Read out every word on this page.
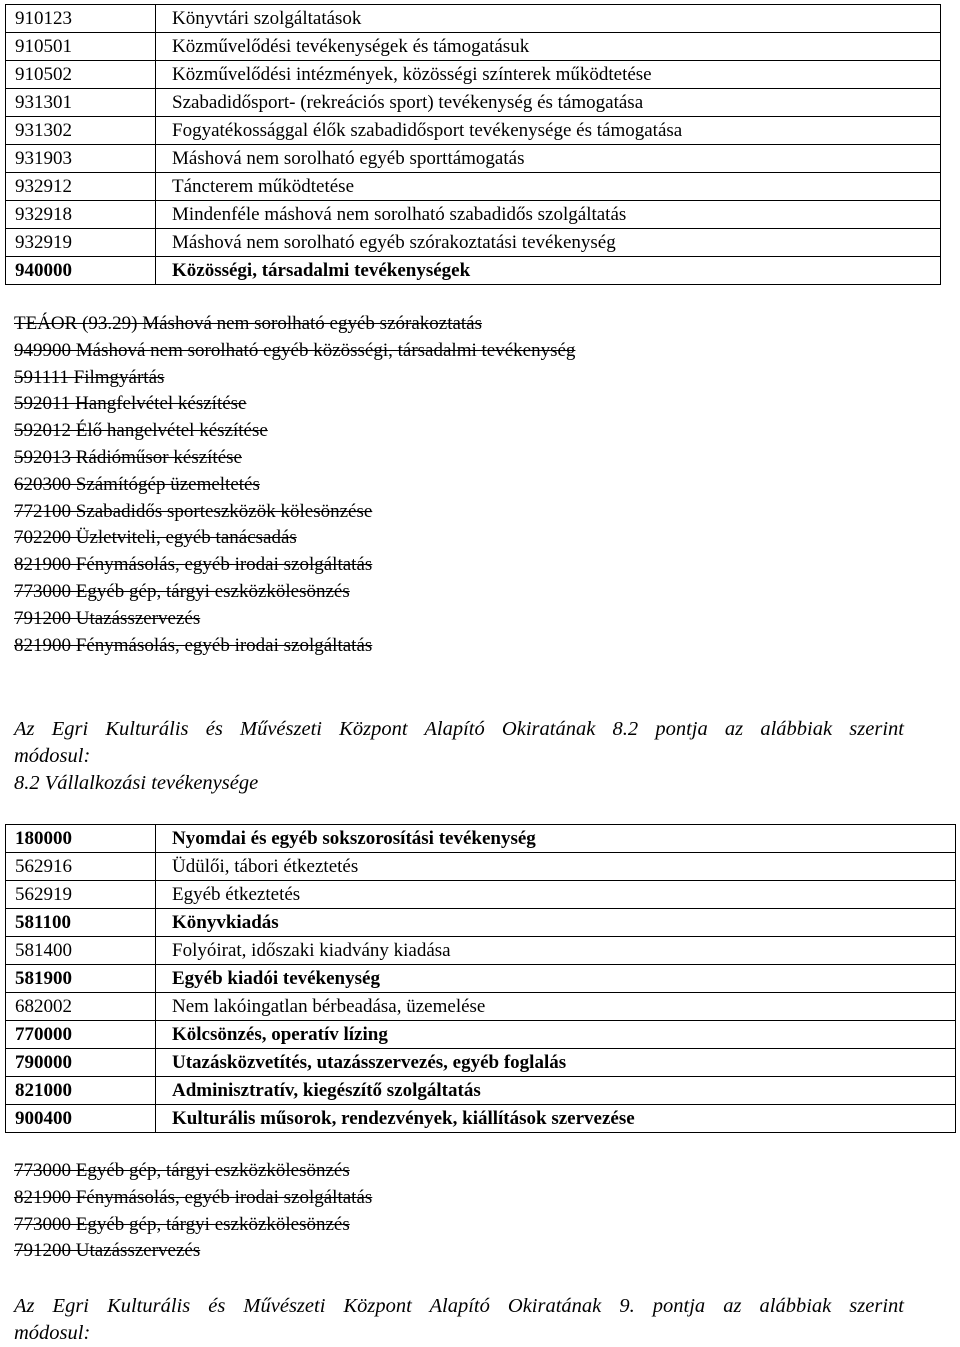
910123	Könyvtári szolgáltatások
910501	Közművelődési tevékenységek és támogatásuk
910502	Közművelődési intézmények, közösségi színterek működtetése
931301	Szabadidősport- (rekreációs sport) tevékenység és támogatása
931302	Fogyatékossággal élők szabadidősport tevékenysége és támogatása
931903	Máshová nem sorolható egyéb sporttámogatás
932912	Táncterem működtetése
932918	Mindenféle máshová nem sorolható szabadidős szolgáltatás
932919	Máshová nem sorolható egyéb szórakoztatási tevékenység
940000	Közösségi, társadalmi tevékenységek
TEÁOR (93.29) Máshová nem sorolható egyéb szórakoztatás
949900 Máshová nem sorolható egyéb közösségi, társadalmi tevékenység
591111 Filmgyártás
592011 Hangfelvétel készítése
592012 Élő hangelvétel készítése
592013 Rádióműsor készítése
620300 Számítógép üzemeltetés
772100 Szabadidős sporteszközök kölesönzése
702200 Üzletviteli, egyéb tanácsadás
821900 Fénymásolás, egyéb irodai szolgáltatás
773000 Egyéb gép, tárgyi eszközkölesönzés
791200 Utazásszervezés
821900 Fénymásolás, egyéb irodai szolgáltatás

Az Egri Kulturális és Művészeti Központ Alapító Okiratának 8.2 pontja az alábbiak szerint
módosul:

8.2 Vállalkozási tevékenysége

180000	Nyomdai és egyéb sokszorosítási tevékenység
562916	Üdülői, tábori étkeztetés
562919	Egyéb étkeztetés
581100	Könyvkiadás
581400	Folyóirat, időszaki kiadvány kiadása
581900	Egyéb kiadói tevékenység
682002	Nem lakóingatlan bérbeadása, üzemelése
770000	Kölcsönzés, operatív lízing
790000	Utazásközvetítés, utazásszervezés, egyéb foglalás
821000	Adminisztratív, kiegészítő szolgáltatás
900400	Kulturális műsorok, rendezvények, kiállítások szervezése
773000 Egyéb gép, tárgyi eszközkölesönzés
821900 Fénymásolás, egyéb irodai szolgáltatás
773000 Egyéb gép, tárgyi eszközkölesönzés
791200 Utazásszervezés

Az Egri Kulturális és Művészeti Központ Alapító Okiratának 9. pontja az alábbiak szerint
módosul:
